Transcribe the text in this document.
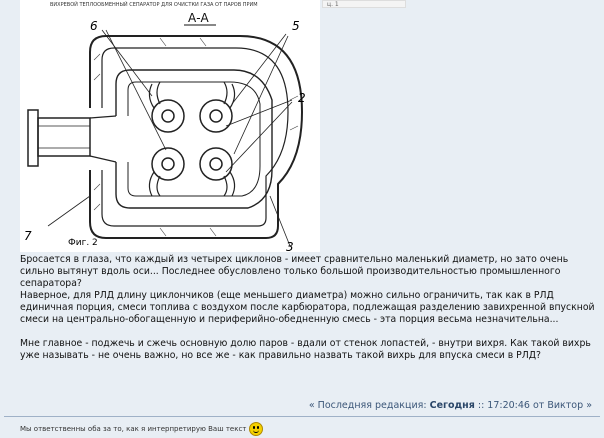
ВИХРЕВОЙ ТЕПЛООБМЕННЫЙ СЕПАРАТОР ДЛЯ ОЧИСТКИ ГАЗА ОТ ПАРОВ ПРИМ
А-А
6	5
2
7
3
Фиг. 2
ц. 1

Бросается в глаза, что каждый из четырех циклонов - имеет сравнительно маленький диаметр, но зато очень сильно вытянут вдоль оси... Последнее обусловлено только большой производительностью промышленного сепаратора?

Наверное, для РЛД длину циклончиков (еще меньшего диаметра) можно сильно ограничить, так как в РЛД единичная порция, смеси топлива с воздухом после карбюратора, подлежащая разделению завихренной впускной смеси на центрально-обогащенную и периферийно-обедненную смесь - эта порция весьма незначительна...

Мне главное - поджечь и сжечь основную долю паров - вдали от стенок лопастей, - внутри вихря. Как такой вихрь уже называть - не очень важно, но все же - как правильно назвать такой вихрь для впуска смеси в РЛД?

« Последняя редакция: Сегодня :: 17:20:46 от Виктор »
Мы ответственны оба за то, как я интерпретирую Ваш текст
